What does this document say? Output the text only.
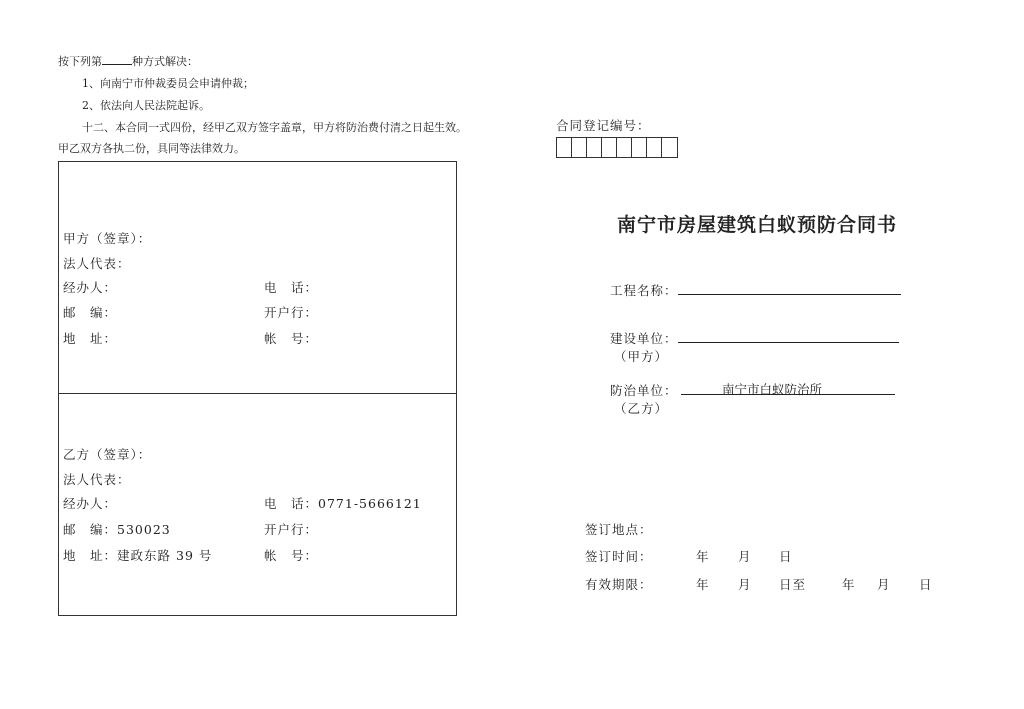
按下列第	种方式解决：
1、向南宁市仲裁委员会申请仲裁；
2、依法向人民法院起诉。
十二、本合同一式四份，经甲乙双方签字盖章，甲方将防治费付清之日起生效。
甲乙双方各执二份，具同等法律效力。
甲方（签章）：
法人代表：
经办人：	电　话：
邮　编：	开户行：
地　址：	帐　号：
乙方（签章）：
法人代表：
经办人：	电　话：0771-5666121
邮　编：530023	开户行：
地　址：建政东路 39 号	帐　号：
合同登记编号：
南宁市房屋建筑白蚁预防合同书
工程名称：
建设单位：
（甲方）
防治单位：	南宁市白蚁防治所
（乙方）
签订地点：
签订时间：	年 月 日
有效期限：	年 月 日至	年 月 日
